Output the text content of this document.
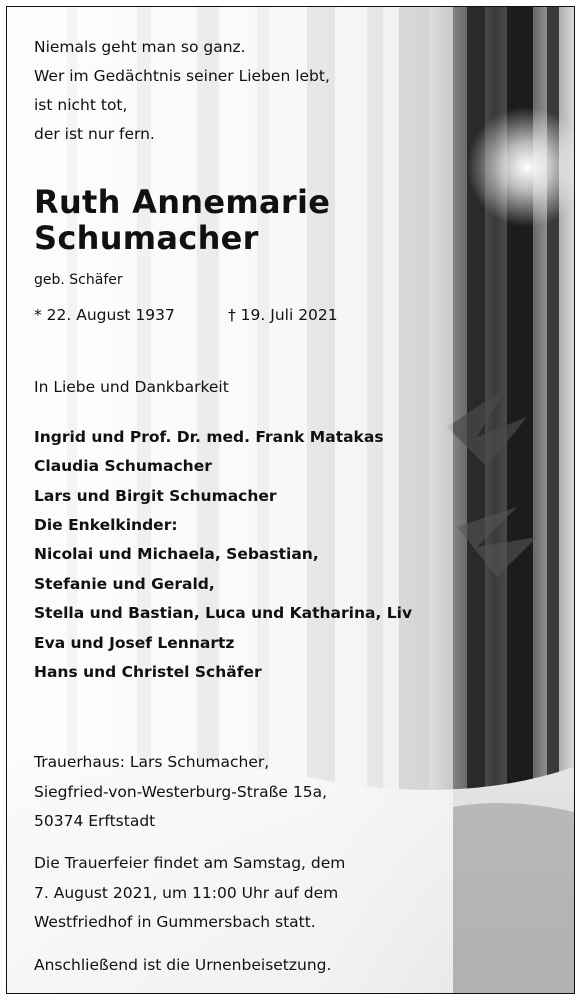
Niemals geht man so ganz.
Wer im Gedächtnis seiner Lieben lebt,
ist nicht tot,
der ist nur fern.
Ruth Annemarie
Schumacher
geb. Schäfer
* 22. August 1937	† 19. Juli 2021
In Liebe und Dankbarkeit
Ingrid und Prof. Dr. med. Frank Matakas
Claudia Schumacher
Lars und Birgit Schumacher
Die Enkelkinder:
Nicolai und Michaela, Sebastian,
Stefanie und Gerald,
Stella und Bastian, Luca und Katharina, Liv
Eva und Josef Lennartz
Hans und Christel Schäfer
Trauerhaus: Lars Schumacher,
Siegfried-von-Westerburg-Straße 15a,
50374 Erftstadt
Die Trauerfeier findet am Samstag, dem
7. August 2021, um 11:00 Uhr auf dem
Westfriedhof in Gummersbach statt.
Anschließend ist die Urnenbeisetzung.
